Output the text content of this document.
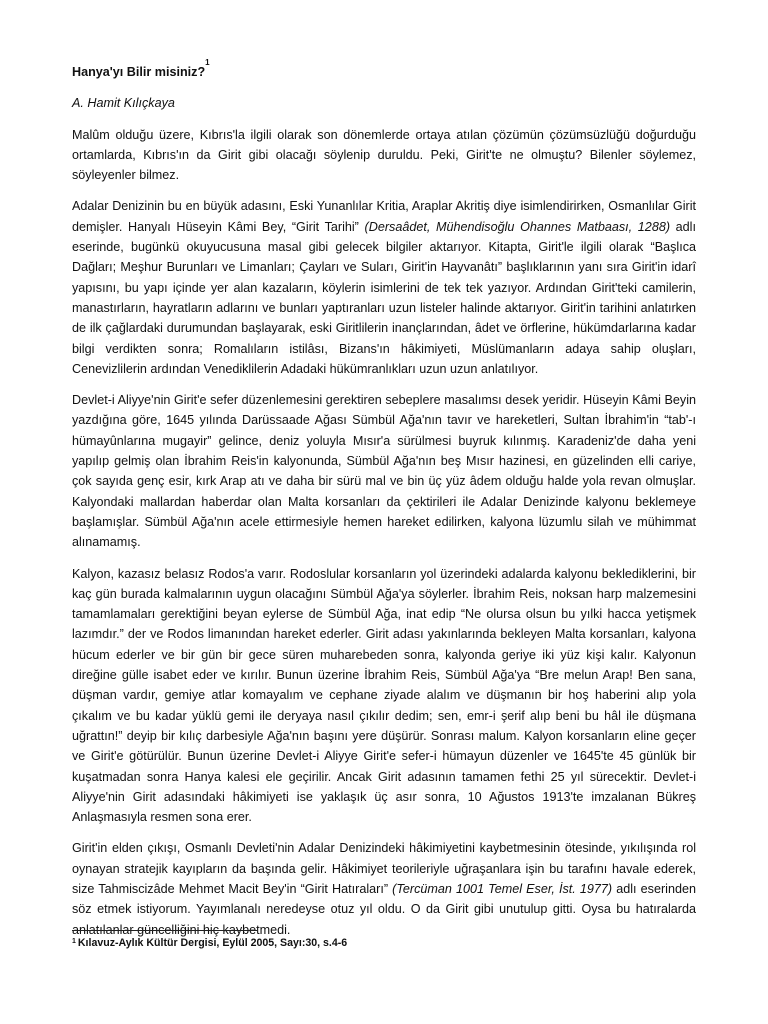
Hanya'yı Bilir misiniz?$^1$
A. Hamit Kılıçkaya

Malûm olduğu üzere, Kıbrıs'la ilgili olarak son dönemlerde ortaya atılan çözümün çözümsüzlüğü doğurduğu ortamlarda, Kıbrıs'ın da Girit gibi olacağı söylenip duruldu. Peki, Girit'te ne olmuştu? Bilenler söylemez, söyleyenler bilmez.

Adalar Denizinin bu en büyük adasını, Eski Yunanlılar Kritia, Araplar Akritiş diye isimlendirirken, Osmanlılar Girit demişler. Hanyalı Hüseyin Kâmi Bey, “Girit Tarihi” (Dersaâdet, Mühendisoğlu Ohannes Matbaası, 1288) adlı eserinde, bugünkü okuyucusuna masal gibi gelecek bilgiler aktarıyor. Kitapta, Girit'le ilgili olarak “Başlıca Dağları; Meşhur Burunları ve Limanları; Çayları ve Suları, Girit'in Hayvanâtı” başlıklarının yanı sıra Girit'in idarî yapısını, bu yapı içinde yer alan kazaların, köylerin isimlerini de tek tek yazıyor. Ardından Girit'teki camilerin, manastırların, hayratların adlarını ve bunları yaptıranları uzun listeler halinde aktarıyor. Girit'in tarihini anlatırken de ilk çağlardaki durumundan başlayarak, eski Giritlilerin inançlarından, âdet ve örflerine, hükümdarlarına kadar bilgi verdikten sonra; Romalıların istilâsı, Bizans'ın hâkimiyeti, Müslümanların adaya sahip oluşları, Cenevizlilerin ardından Venediklilerin Adadaki hükümranlıkları uzun uzun anlatılıyor.

Devlet-i Aliyye'nin Girit'e sefer düzenlemesini gerektiren sebeplere masalımsı desek yeridir. Hüseyin Kâmi Beyin yazdığına göre, 1645 yılında Darüssaade Ağası Sümbül Ağa'nın tavır ve hareketleri, Sultan İbrahim'in “tab'-ı hümayûnlarına mugayir” gelince, deniz yoluyla Mısır'a sürülmesi buyruk kılınmış. Karadeniz'de daha yeni yapılıp gelmiş olan İbrahim Reis'in kalyonunda, Sümbül Ağa'nın beş Mısır hazinesi, en güzelinden elli cariye, çok sayıda genç esir, kırk Arap atı ve daha bir sürü mal ve bin üç yüz âdem olduğu halde yola revan olmuşlar. Kalyondaki mallardan haberdar olan Malta korsanları da çektirileri ile Adalar Denizinde kalyonu beklemeye başlamışlar. Sümbül Ağa'nın acele ettirmesiyle hemen hareket edilirken, kalyona lüzumlu silah ve mühimmat alınamamış.

Kalyon, kazasız belasız Rodos'a varır. Rodoslular korsanların yol üzerindeki adalarda kalyonu beklediklerini, bir kaç gün burada kalmalarının uygun olacağını Sümbül Ağa'ya söylerler. İbrahim Reis, noksan harp malzemesini tamamlamaları gerektiğini beyan eylerse de Sümbül Ağa, inat edip “Ne olursa olsun bu yılki hacca yetişmek lazımdır.” der ve Rodos limanından hareket ederler. Girit adası yakınlarında bekleyen Malta korsanları, kalyona hücum ederler ve bir gün bir gece süren muharebeden sonra, kalyonda geriye iki yüz kişi kalır. Kalyonun direğine gülle isabet eder ve kırılır. Bunun üzerine İbrahim Reis, Sümbül Ağa'ya “Bre melun Arap! Ben sana, düşman vardır, gemiye atlar komayalım ve cephane ziyade alalım ve düşmanın bir hoş haberini alıp yola çıkalım ve bu kadar yüklü gemi ile deryaya nasıl çıkılır dedim; sen, emr-i şerif alıp beni bu hâl ile düşmana uğrattın!” deyip bir kılıç darbesiyle Ağa'nın başını yere düşürür. Sonrası malum. Kalyon korsanların eline geçer ve Girit'e götürülür. Bunun üzerine Devlet-i Aliyye Girit'e sefer-i hümayun düzenler ve 1645'te 45 günlük bir kuşatmadan sonra Hanya kalesi ele geçirilir. Ancak Girit adasının tamamen fethi 25 yıl sürecektir. Devlet-i Aliyye'nin Girit adasındaki hâkimiyeti ise yaklaşık üç asır sonra, 10 Ağustos 1913'te imzalanan Bükreş Anlaşmasıyla resmen sona erer.

Girit'in elden çıkışı, Osmanlı Devleti'nin Adalar Denizindeki hâkimiyetini kaybetmesinin ötesinde, yıkılışında rol oynayan stratejik kayıpların da başında gelir. Hâkimiyet teorileriyle uğraşanlara işin bu tarafını havale ederek, size Tahmiscizâde Mehmet Macit Bey'in “Girit Hatıraları” (Tercüman 1001 Temel Eser, İst. 1977) adlı eserinden söz etmek istiyorum. Yayımlanalı neredeyse otuz yıl oldu. O da Girit gibi unutulup gitti. Oysa bu hatıralarda anlatılanlar güncelliğini hiç kaybetmedi.

$^1$ Kılavuz-Aylık Kültür Dergisi, Eylül 2005, Sayı:30, s.4-6
